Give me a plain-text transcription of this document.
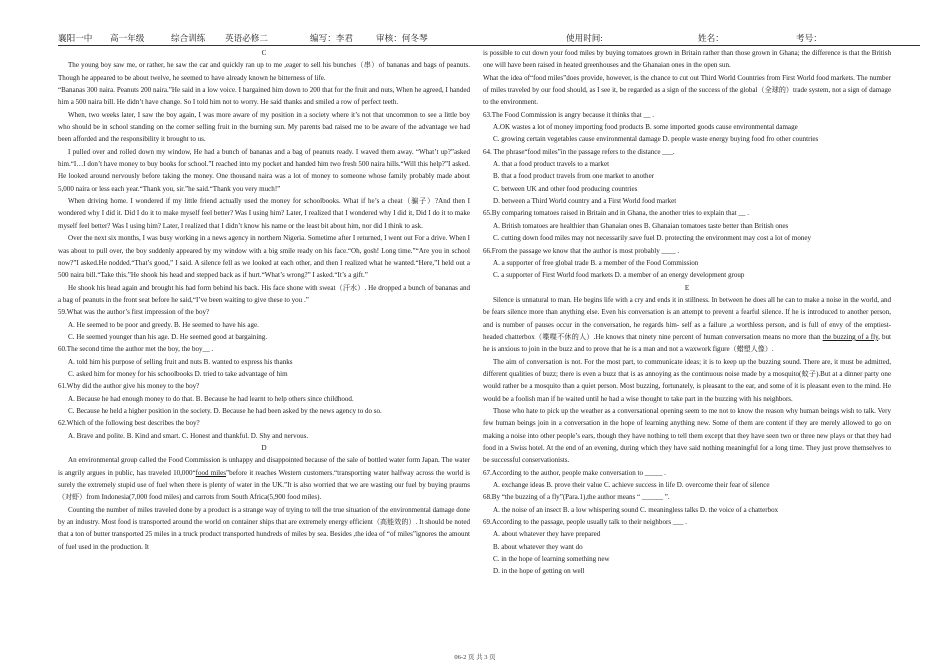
襄阳一中 高一年级	综合训练 英语必修二	编写：李君	审核：何冬琴	使用时间:	姓名：	考号：

C

The young boy saw me, or rather, he saw the car and quickly ran up to me ,eager to sell his bunches（串）of bananas and bags of peanuts. Though he appeared to be about twelve, he seemed to have already known he bitterness of life.

“Bananas 300 naira. Peanuts 200 naira.”He said in a low voice. I bargained him down to 200 that for the fruit and nuts, When he agreed, I handed him a 500 naira bill. He didn’t have change. So I told him not to worry. He said thanks and smiled a row of perfect teeth.

When, two weeks later, I saw the boy again, I was more aware of my position in a society where it’s not that uncommon to see a little boy who should be in school standing on the corner selling fruit in the burning sun. My parents bad raised me to be aware of the advantage we had been afforded and the responsibility it brought to us.

I pulled over and rolled down my window, He had a bunch of bananas and a bag of peanuts ready. I waved them away. “What’t up?”asked him.“I…I don’t have money to buy books for school.”I reached into my pocket and handed him two fresh 500 naira hills.“Will this help?”I asked. He looked around nervously before taking the money. One thousand naira was a lot of money to someone whose family probably made about 5,000 naira or less each year.“Thank you, sir.”he said.“Thank you very much!”

When driving home. I wondered if my little friend actually used the money for schoolbooks. What if he’s a cheat（骗子）?And then I wondered why I did it. Did I do it to make myself feel better? Was I using him? Later, I realized that I wondered why I did it, Did I do it to make myself feel better? Was I using him? Later, I realized that I didn’t know his name or the least bit about him, nor did I think to ask.

Over the next six months, I was busy working in a news agency in northern Nigeria. Sometime after I returned, I went out For a drive. When I was about to pull over, the boy suddenly appeared by my window with a big smile ready on his face.“Oh, gosh! Long time.”“Are you in school now?”I asked.He nodded.“That’s good,” I said. A silence fell as we looked at each other, and then I realized what he wanted.“Here,”I held out a 500 naira bill.“Take this.”He shook his head and stepped back as if hurt.“What’s wrong?” I asked.“It’s a gift.”

He shook his head again and brought his had form behind his back. His face shone with sweat（汗水）. He dropped a bunch of bananas and a bag of peanuts in the front seat before he said,“I’ve been waiting to give these to you .”

59.What was the author’s first impression of the boy?

A. He seemed to be poor and greedy. B. He seemed to have his age.

C. He seemed younger than his age. D. He seemed good at bargaining.

60.The second time the author met the boy, the boy__ .

A. told him his purpose of selling fruit and nuts B. wanted to express his thanks

C. asked him for money for his schoolbooks D. tried to take advantage of him

61.Why did the author give his money to the boy?

A. Because he had enough money to do that. B. Because he had learnt to help others since childhood.

C. Because he held a higher position in the society. D. Because he had been asked by the news agency to do so.

62.Which of the following best describes the boy?

A. Brave and polite. B. Kind and smart. C. Honest and thankful. D. Shy and nervous.

D

An environmental group called the Food Commission is unhappy and disappointed because of the sale of bottled water form Japan. The water is angrily argues in public, has traveled 10,000“food miles”before it reaches Western customers.“transporting water halfway across the world is surely the extremely stupid use of fuel when there is plenty of water in the UK.”It is also worried that we are wasting our fuel by buying praums（对虾）from Indonesia(7,000 food miles) and carrots from South Africa(5,900 food miles).

Counting the number of miles traveled done by a product is a strange way of trying to tell the true situation of the environmental damage done by an industry. Most food is transported around the world on container ships that are extremely energy efficient（高能效的）. It should be noted that a ton of butter transported 25 miles in a truck product transported hundreds of miles by sea. Besides ,the idea of “of miles”ignores the amount of fuel used in the production. It

is possible to cut down your food miles by buying tomatoes grown in Britain rather than those grown in Ghana; the difference is that the British one will have been raised in heated greenhouses and the Ghanaian ones in the open sun.

What the idea of“food miles”does provide, however, is the chance to cut out Third World Countries from First World food markets. The number of miles traveled by our food should, as I see it, be regarded as a sign of the success of the global（全球的）trade system, not a sign of damage to the environment.

63.The Food Commission is angry because it thinks that __ .

A.OK wastes a lot of money importing food products B. some imported goods cause environmental damage

C. growing certain vegetables cause environmental damage D. people waste energy buying food fro other countries

64. The phrase“food miles”in the passage refers to the distance ___.

A. that a food product travels to a market

B. that a food product travels from one market to another

C. between UK and other food producing countries

D. between a Third World country and a First World food market

65.By comparing tomatoes raised in Britain and in Ghana, the another tries to explain that __ .

A. British tomatoes are healthier than Ghanaian ones B. Ghanaian tomatoes taste better than British ones

C. cutting down food miles may not necessarily save fuel D. protecting the environment may cost a lot of money

66.From the passage we know that the author is most probably ____ .

A. a supporter of free global trade B. a member of the Food Commission

C. a supporter of First World food markets D. a member of an energy development group

E

Silence is unnatural to man. He begins life with a cry and ends it in stillness. In between he does all he can to make a noise in the world, and be fears silence more than anything else. Even his conversation is an attempt to prevent a fearful silence. If he is introduced to another person, and is number of pauses occur in the conversation, he regards him- self as a failure ,a worthless person, and is full of envy of the emptiest- headed chatterbox（喋喋不休的人）.He knows that ninety nine percent of human conversation means no more than the buzzing of a fly, but he is anxious to join in the buzz and to prove that he is a man and not a waxwork figure（蜡塑人像）.

The aim of conversation is not. For the most part, to communicate ideas; it is to keep up the buzzing sound. There are, it must be admitted, different qualities of buzz; there is even a buzz that is as annoying as the continuous noise made by a mosquito(蚊子).But at a dinner party one would rather be a mosquito than a quiet person. Most buzzing, fortunately, is pleasant to the ear, and some of it is pleasant even to the mind. He would be a foolish man if he waited until he had a wise thought to take part in the buzzing with his neighbors.

Those who hate to pick up the weather as a conversational opening seem to me not to know the reason why human beings wish to talk. Very few human beings join in a conversation in the hope of learning anything new. Some of them are content if they are merely allowed to go on making a noise into other people’s ears, though they have nothing to tell them except that they have seen two or three new plays or that they had food in a Swiss hotel. At the end of an evening, during which they have said nothing meaningful for a long time. They just prove themselves to be successful conservationists.

67.According to the author, people make conversation to _____ .

A. exchange ideas B. prove their value C. achieve success in life D. overcome their fear of silence

68.By “the buzzing of a fly”(Para.1),the author means “ ______ ”.

A. the noise of an insect B. a low whispering sound C. meaningless talks D. the voice of a chatterbox

69.According to the passage, people usually talk to their neighbors ___ .

A. about whatever they have prepared

B. about whatever they want do

C. in the hope of learning something new

D. in the hope of getting on well

06-2 页 共 3 页
